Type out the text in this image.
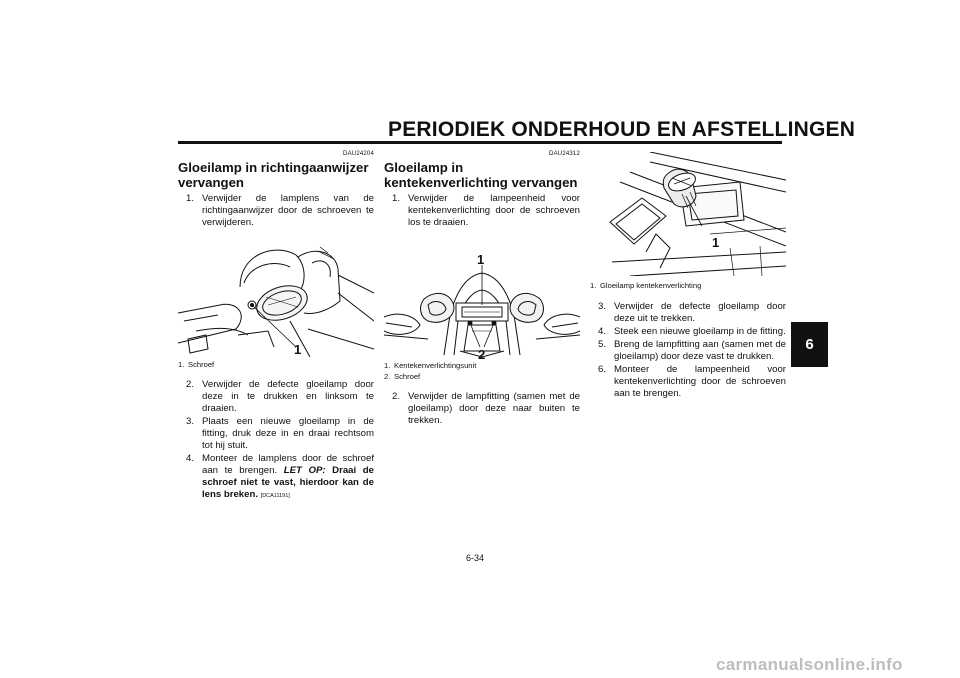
PERIODIEK ONDERHOUD EN AFSTELLINGEN
6
DAU24204
Gloeilamp in richtingaanwijzer vervangen
1. Verwijder de lamplens van de richtingaanwijzer door de schroeven te verwijderen.
1
1. Schroef
2. Verwijder de defecte gloeilamp door deze in te drukken en linksom te draaien.
3. Plaats een nieuwe gloeilamp in de fitting, druk deze in en draai rechtsom tot hij stuit.
4. Monteer de lamplens door de schroef aan te brengen. LET OP: Draai de schroef niet te vast, hierdoor kan de lens breken. [DCA11191]
DAU24312
Gloeilamp in kentekenverlichting vervangen
1. Verwijder de lampeenheid voor kentekenverlichting door de schroeven los te draaien.
1
2
1. Kentekenverlichtingsunit
2. Schroef
2. Verwijder de lampfitting (samen met de gloeilamp) door deze naar buiten te trekken.
1
1. Gloeilamp kentekenverlichting
3. Verwijder de defecte gloeilamp door deze uit te trekken.
4. Steek een nieuwe gloeilamp in de fitting.
5. Breng de lampfitting aan (samen met de gloeilamp) door deze vast te drukken.
6. Monteer de lampeenheid voor kentekenverlichting door de schroeven aan te brengen.
6-34
carmanualsonline.info
